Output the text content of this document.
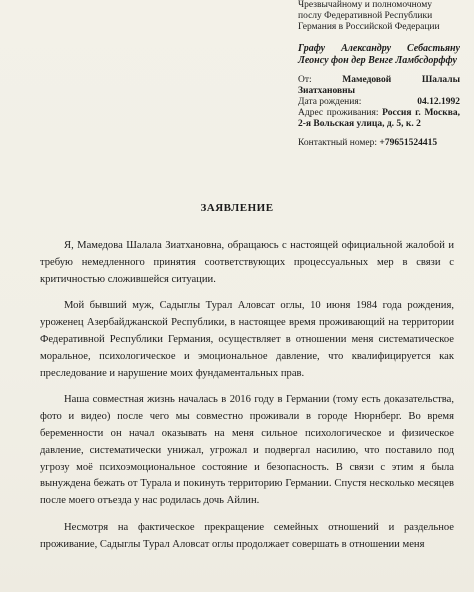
Чрезвычайному и полномочному
послу Федеративной Республики
Германия в Российской Федерации
Графу Александру Себастьяну Леонсу фон дер Венге Ламбсдорффу
От:	Мамедовой Шалалы Зиатхановны
Дата рождения:	04.12.1992
Адрес проживания: Россия г. Москва, 2-я Вольская улица, д. 5, к. 2
Контактный номер: +79651524415
ЗАЯВЛЕНИЕ

Я, Мамедова Шалала Зиатхановна, обращаюсь с настоящей официальной жалобой и требую немедленного принятия соответствующих процессуальных мер в связи с критичностью сложившейся ситуации.

Мой бывший муж, Садыглы Турал Аловсат оглы, 10 июня 1984 года рождения, уроженец Азербайджанской Республики, в настоящее время проживающий на территории Федеративной Республики Германия, осуществляет в отношении меня систематическое моральное, психологическое и эмоциональное давление, что квалифицируется как преследование и нарушение моих фундаментальных прав.

Наша совместная жизнь началась в 2016 году в Германии (тому есть доказательства, фото и видео) после чего мы совместно проживали в городе Нюрнберг. Во время беременности он начал оказывать на меня сильное психологическое и физическое давление, систематически унижал, угрожал и подвергал насилию, что поставило под угрозу моё психоэмоциональное состояние и безопасность. В связи с этим я была вынуждена бежать от Турала и покинуть территорию Германии. Спустя несколько месяцев после моего отъезда у нас родилась дочь Айлин.

Несмотря на фактическое прекращение семейных отношений и раздельное проживание, Садыглы Турал Аловсат оглы продолжает совершать в отношении меня
